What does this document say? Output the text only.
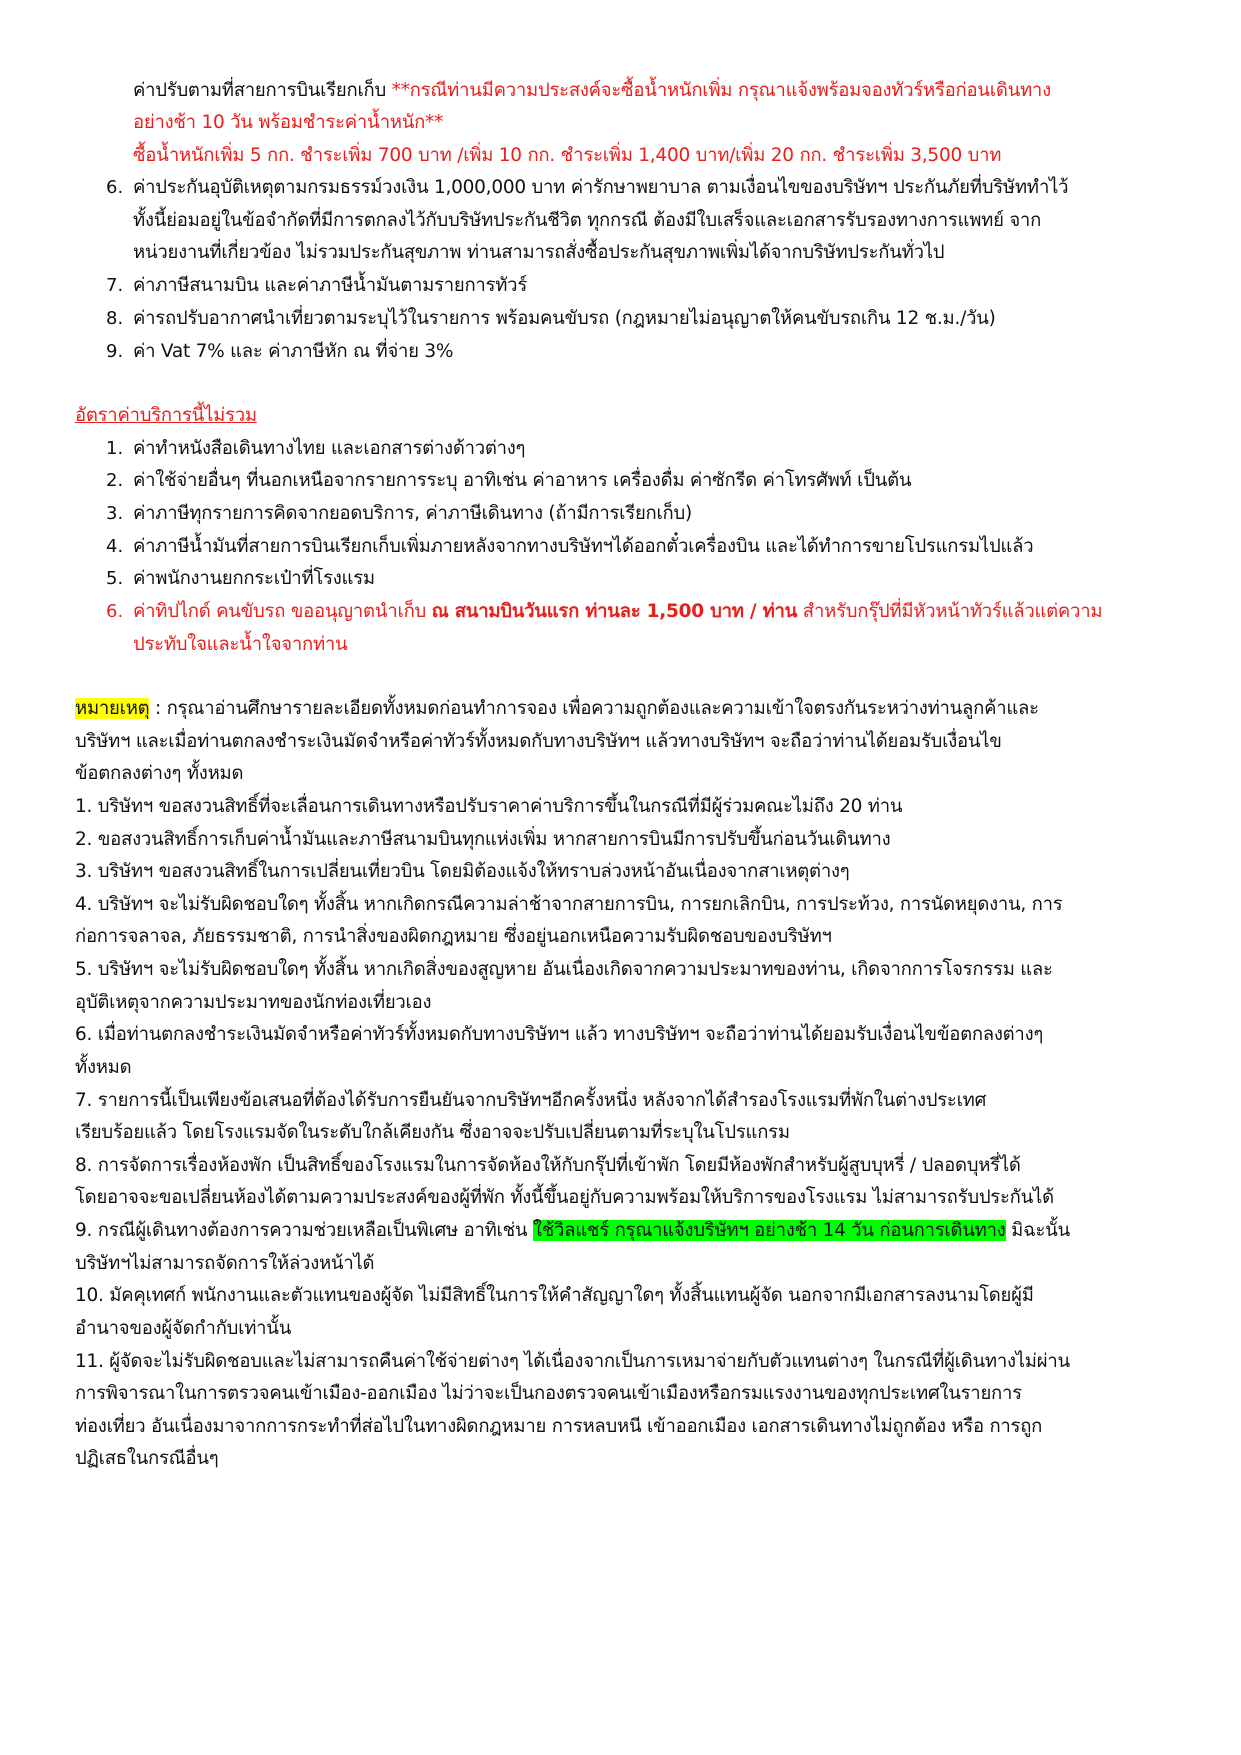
ค่าปรับตามที่สายการบินเรียกเก็บ **กรณีท่านมีความประสงค์จะซื้อน้ำหนักเพิ่ม กรุณาแจ้งพร้อมจองทัวร์หรือก่อนเดินทาง
อย่างช้า 10 วัน พร้อมชำระค่าน้ำหนัก**
ซื้อน้ำหนักเพิ่ม 5 กก. ชำระเพิ่ม 700 บาท /เพิ่ม 10 กก. ชำระเพิ่ม 1,400 บาท/เพิ่ม 20 กก. ชำระเพิ่ม 3,500 บาท
6. ค่าประกันอุบัติเหตุตามกรมธรรม์วงเงิน 1,000,000 บาท ค่ารักษาพยาบาล ตามเงื่อนไขของบริษัทฯ ประกันภัยที่บริษัททำไว้
ทั้งนี้ย่อมอยู่ในข้อจำกัดที่มีการตกลงไว้กับบริษัทประกันชีวิต ทุกกรณี ต้องมีใบเสร็จและเอกสารรับรองทางการแพทย์ จาก
หน่วยงานที่เกี่ยวข้อง ไม่รวมประกันสุขภาพ ท่านสามารถสั่งซื้อประกันสุขภาพเพิ่มได้จากบริษัทประกันทั่วไป
7. ค่าภาษีสนามบิน และค่าภาษีน้ำมันตามรายการทัวร์
8. ค่ารถปรับอากาศนำเที่ยวตามระบุไว้ในรายการ พร้อมคนขับรถ (กฎหมายไม่อนุญาตให้คนขับรถเกิน 12 ช.ม./วัน)
9. ค่า Vat 7% และ ค่าภาษีหัก ณ ที่จ่าย 3%
อัตราค่าบริการนี้ไม่รวม
1. ค่าทำหนังสือเดินทางไทย และเอกสารต่างด้าวต่างๆ
2. ค่าใช้จ่ายอื่นๆ ที่นอกเหนือจากรายการระบุ อาทิเช่น ค่าอาหาร เครื่องดื่ม ค่าซักรีด ค่าโทรศัพท์ เป็นต้น
3. ค่าภาษีทุกรายการคิดจากยอดบริการ, ค่าภาษีเดินทาง (ถ้ามีการเรียกเก็บ)
4. ค่าภาษีน้ำมันที่สายการบินเรียกเก็บเพิ่มภายหลังจากทางบริษัทฯได้ออกตั๋วเครื่องบิน และได้ทำการขายโปรแกรมไปแล้ว
5. ค่าพนักงานยกกระเป๋าที่โรงแรม
6. ค่าทิปไกด์ คนขับรถ ขออนุญาตนำเก็บ ณ สนามบินวันแรก ท่านละ 1,500 บาท / ท่าน สำหรับกรุ๊ปที่มีหัวหน้าทัวร์แล้วแต่ความ
ประทับใจและน้ำใจจากท่าน
หมายเหตุ : กรุณาอ่านศึกษารายละเอียดทั้งหมดก่อนทำการจอง เพื่อความถูกต้องและความเข้าใจตรงกันระหว่างท่านลูกค้าและ
บริษัทฯ และเมื่อท่านตกลงชำระเงินมัดจำหรือค่าทัวร์ทั้งหมดกับทางบริษัทฯ แล้วทางบริษัทฯ จะถือว่าท่านได้ยอมรับเงื่อนไข
ข้อตกลงต่างๆ ทั้งหมด
1. บริษัทฯ ขอสงวนสิทธิ์ที่จะเลื่อนการเดินทางหรือปรับราคาค่าบริการขึ้นในกรณีที่มีผู้ร่วมคณะไม่ถึง 20 ท่าน
2. ขอสงวนสิทธิ์การเก็บค่าน้ำมันและภาษีสนามบินทุกแห่งเพิ่ม หากสายการบินมีการปรับขึ้นก่อนวันเดินทาง
3. บริษัทฯ ขอสงวนสิทธิ์ในการเปลี่ยนเที่ยวบิน โดยมิต้องแจ้งให้ทราบล่วงหน้าอันเนื่องจากสาเหตุต่างๆ
4. บริษัทฯ จะไม่รับผิดชอบใดๆ ทั้งสิ้น หากเกิดกรณีความล่าช้าจากสายการบิน, การยกเลิกบิน, การประท้วง, การนัดหยุดงาน, การ
ก่อการจลาจล, ภัยธรรมชาติ, การนำสิ่งของผิดกฎหมาย ซึ่งอยู่นอกเหนือความรับผิดชอบของบริษัทฯ
5. บริษัทฯ จะไม่รับผิดชอบใดๆ ทั้งสิ้น หากเกิดสิ่งของสูญหาย อันเนื่องเกิดจากความประมาทของท่าน, เกิดจากการโจรกรรม และ
อุบัติเหตุจากความประมาทของนักท่องเที่ยวเอง
6. เมื่อท่านตกลงชำระเงินมัดจำหรือค่าทัวร์ทั้งหมดกับทางบริษัทฯ แล้ว ทางบริษัทฯ จะถือว่าท่านได้ยอมรับเงื่อนไขข้อตกลงต่างๆ
ทั้งหมด
7. รายการนี้เป็นเพียงข้อเสนอที่ต้องได้รับการยืนยันจากบริษัทฯอีกครั้งหนึ่ง หลังจากได้สำรองโรงแรมที่พักในต่างประเทศ
เรียบร้อยแล้ว โดยโรงแรมจัดในระดับใกล้เคียงกัน ซึ่งอาจจะปรับเปลี่ยนตามที่ระบุในโปรแกรม
8. การจัดการเรื่องห้องพัก เป็นสิทธิ์ของโรงแรมในการจัดห้องให้กับกรุ๊ปที่เข้าพัก โดยมีห้องพักสำหรับผู้สูบบุหรี่ / ปลอดบุหรี่ได้
โดยอาจจะขอเปลี่ยนห้องได้ตามความประสงค์ของผู้ที่พัก ทั้งนี้ขึ้นอยู่กับความพร้อมให้บริการของโรงแรม ไม่สามารถรับประกันได้
9. กรณีผู้เดินทางต้องการความช่วยเหลือเป็นพิเศษ อาทิเช่น ใช้วิลแชร์ กรุณาแจ้งบริษัทฯ อย่างช้า 14 วัน ก่อนการเดินทาง มิฉะนั้น
บริษัทฯไม่สามารถจัดการให้ล่วงหน้าได้
10. มัคคุเทศก์ พนักงานและตัวแทนของผู้จัด ไม่มีสิทธิ์ในการให้คำสัญญาใดๆ ทั้งสิ้นแทนผู้จัด นอกจากมีเอกสารลงนามโดยผู้มี
อำนาจของผู้จัดกำกับเท่านั้น
11. ผู้จัดจะไม่รับผิดชอบและไม่สามารถคืนค่าใช้จ่ายต่างๆ ได้เนื่องจากเป็นการเหมาจ่ายกับตัวแทนต่างๆ ในกรณีที่ผู้เดินทางไม่ผ่าน
การพิจารณาในการตรวจคนเข้าเมือง-ออกเมือง ไม่ว่าจะเป็นกองตรวจคนเข้าเมืองหรือกรมแรงงานของทุกประเทศในรายการ
ท่องเที่ยว อันเนื่องมาจากการกระทำที่ส่อไปในทางผิดกฎหมาย การหลบหนี เข้าออกเมือง เอกสารเดินทางไม่ถูกต้อง หรือ การถูก
ปฏิเสธในกรณีอื่นๆ
